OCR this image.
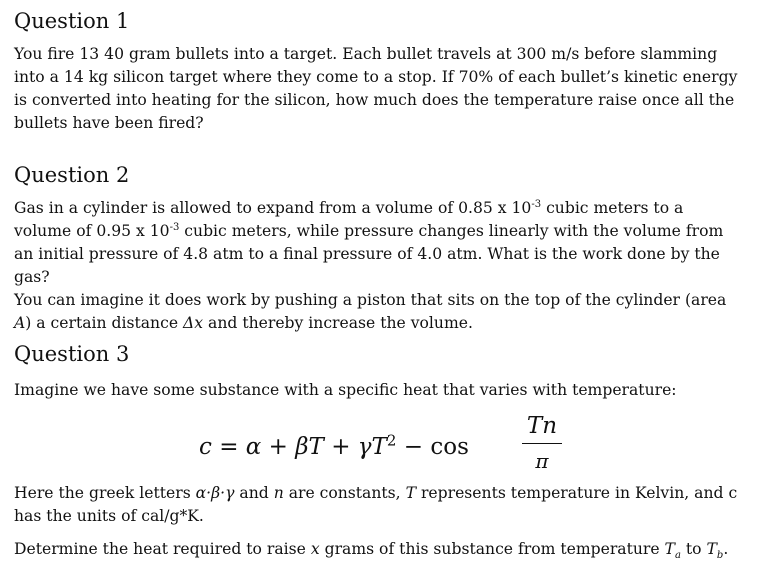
Question 1

You fire 13 40 gram bullets into a target. Each bullet travels at 300 m/s before slamming into a 14 kg silicon target where they come to a stop. If 70% of each bullet’s kinetic energy is converted into heating for the silicon, how much does the temperature raise once all the bullets have been fired?

Question 2

Gas in a cylinder is allowed to expand from a volume of 0.85 x $10^{-3}$ cubic meters to a volume of 0.95 x $10^{-3}$ cubic meters, while pressure changes linearly with the volume from an initial pressure of 4.8 atm to a final pressure of 4.0 atm. What is the work done by the gas?
You can imagine it does work by pushing a piston that sits on the top of the cylinder (area A) a certain distance Δx and thereby increase the volume.

Question 3

Imagine we have some substance with a specific heat that varies with temperature:

$c = \alpha + \beta T + \gamma T^2 - \cos$
Tn
π

Here the greek letters α·β·γ and n are constants, T represents temperature in Kelvin, and c has the units of cal/g*K.

Determine the heat required to raise x grams of this substance from temperature $T_a$ to $T_b$.
